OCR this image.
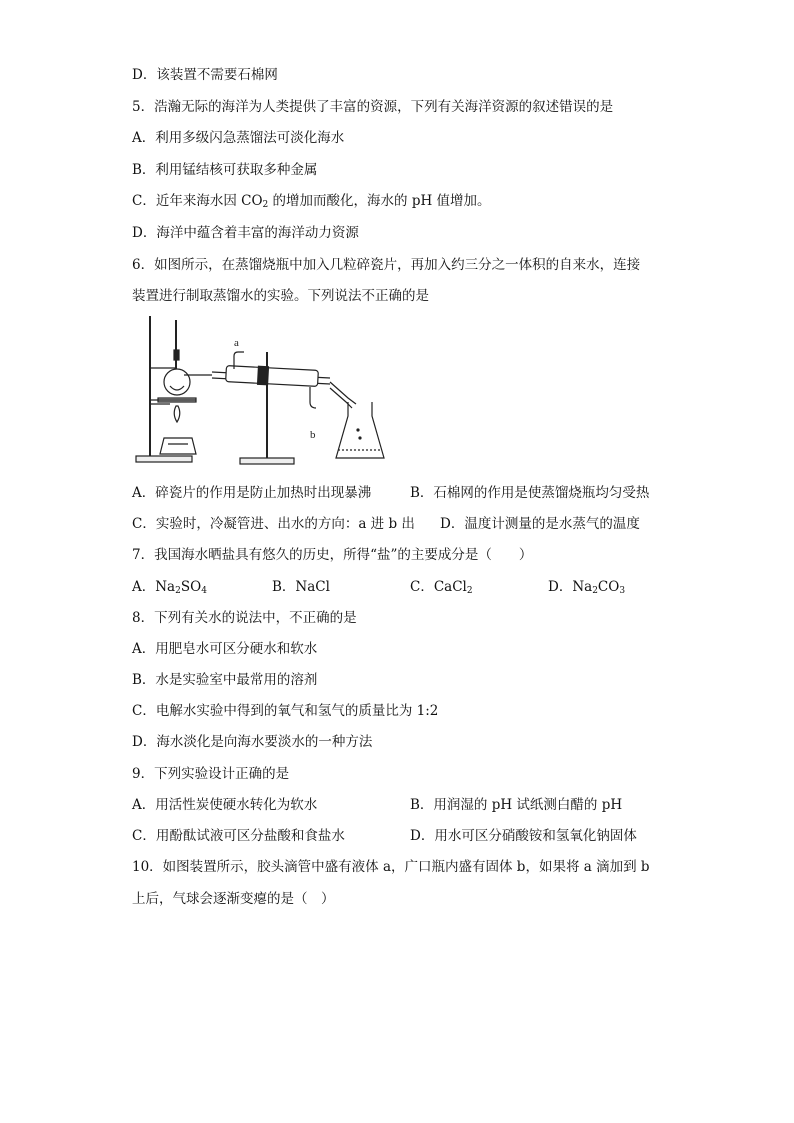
D．该装置不需要石棉网
5．浩瀚无际的海洋为人类提供了丰富的资源，下列有关海洋资源的叙述错误的是
A．利用多级闪急蒸馏法可淡化海水
B．利用锰结核可获取多种金属
C．近年来海水因 $CO_2$ 的增加而酸化，海水的 pH 值增加。
D．海洋中蕴含着丰富的海洋动力资源
6．如图所示，在蒸馏烧瓶中加入几粒碎瓷片，再加入约三分之一体积的自来水，连接
装置进行制取蒸馏水的实验。下列说法不正确的是
a
b
A．碎瓷片的作用是防止加热时出现暴沸	B．石棉网的作用是使蒸馏烧瓶均匀受热
C．实验时，冷凝管进、出水的方向：a 进 b 出 D．温度计测量的是水蒸气的温度
7．我国海水晒盐具有悠久的历史，所得“盐”的主要成分是（　　）
A．$Na_2SO_4$	B．NaCl	C．CaCl$_2$	D．$Na_2CO_3$
8．下列有关水的说法中，不正确的是
A．用肥皂水可区分硬水和软水
B．水是实验室中最常用的溶剂
C．电解水实验中得到的氧气和氢气的质量比为 1:2
D．海水淡化是向海水要淡水的一种方法
9．下列实验设计正确的是
A．用活性炭使硬水转化为软水	B．用润湿的 pH 试纸测白醋的 pH
C．用酚酞试液可区分盐酸和食盐水	D．用水可区分硝酸铵和氢氧化钠固体
10．如图装置所示，胶头滴管中盛有液体 a，广口瓶内盛有固体 b，如果将 a 滴加到 b
上后，气球会逐渐变瘪的是（　）
